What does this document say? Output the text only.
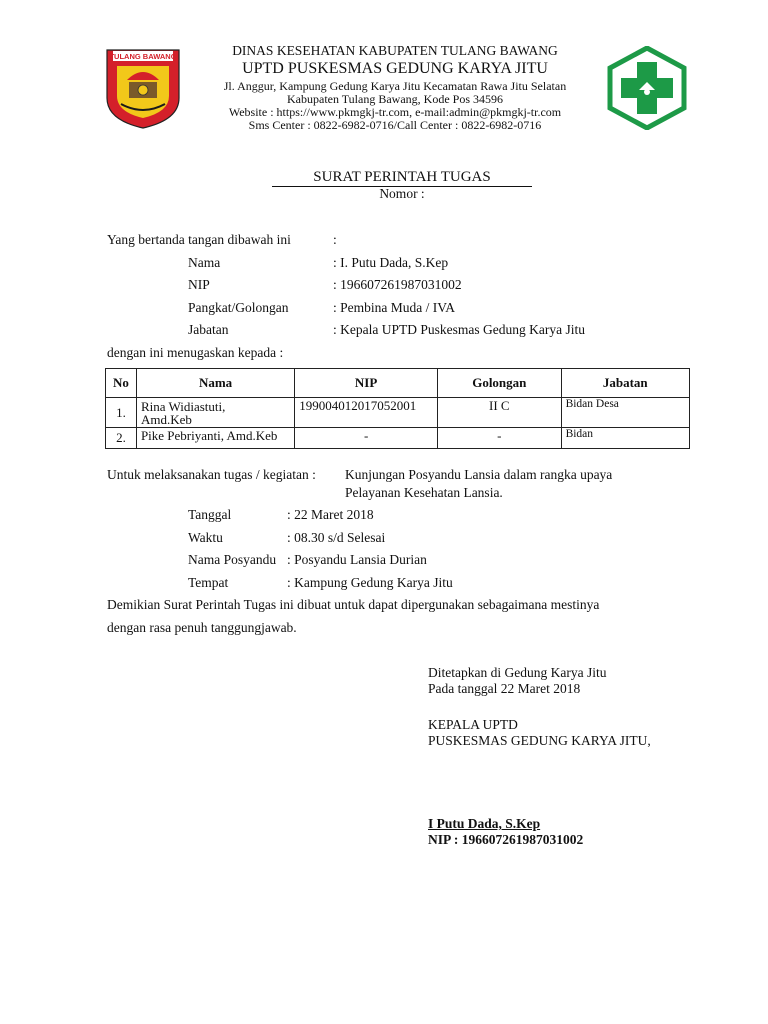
TULANG BAWANG	DINAS KESEHATAN KABUPATEN TULANG BAWANG
UPTD PUSKESMAS GEDUNG KARYA JITU
Jl. Anggur, Kampung Gedung Karya Jitu Kecamatan Rawa Jitu Selatan
Kabupaten Tulang Bawang, Kode Pos 34596
Website : https://www.pkmgkj-tr.com, e-mail:admin@pkmgkj-tr.com
Sms Center : 0822-6982-0716/Call Center : 0822-6982-0716
SURAT PERINTAH TUGAS
Nomor :
Yang bertanda tangan dibawah ini	:
Nama	: I. Putu Dada, S.Kep
NIP	: 196607261987031002
Pangkat/Golongan	: Pembina Muda / IVA
Jabatan	: Kepala UPTD Puskesmas Gedung Karya Jitu
dengan ini menugaskan kepada :
No	Nama	NIP	Golongan	Jabatan
1.	Rina Widiastuti,
Amd.Keb	199004012017052001	II C	Bidan Desa
2.	Pike Pebriyanti, Amd.Keb	-	-	Bidan
Untuk melaksanakan tugas / kegiatan : Kunjungan Posyandu Lansia dalam rangka upaya
Pelayanan Kesehatan Lansia.
Tanggal	: 22 Maret 2018
Waktu	: 08.30 s/d Selesai
Nama Posyandu : Posyandu Lansia Durian
Tempat	: Kampung Gedung Karya Jitu
Demikian Surat Perintah Tugas ini dibuat untuk dapat dipergunakan sebagaimana mestinya
dengan rasa penuh tanggungjawab.
Ditetapkan di Gedung Karya Jitu
Pada tanggal 22 Maret 2018
KEPALA UPTD
PUSKESMAS GEDUNG KARYA JITU,
I Putu Dada, S.Kep
NIP : 196607261987031002
